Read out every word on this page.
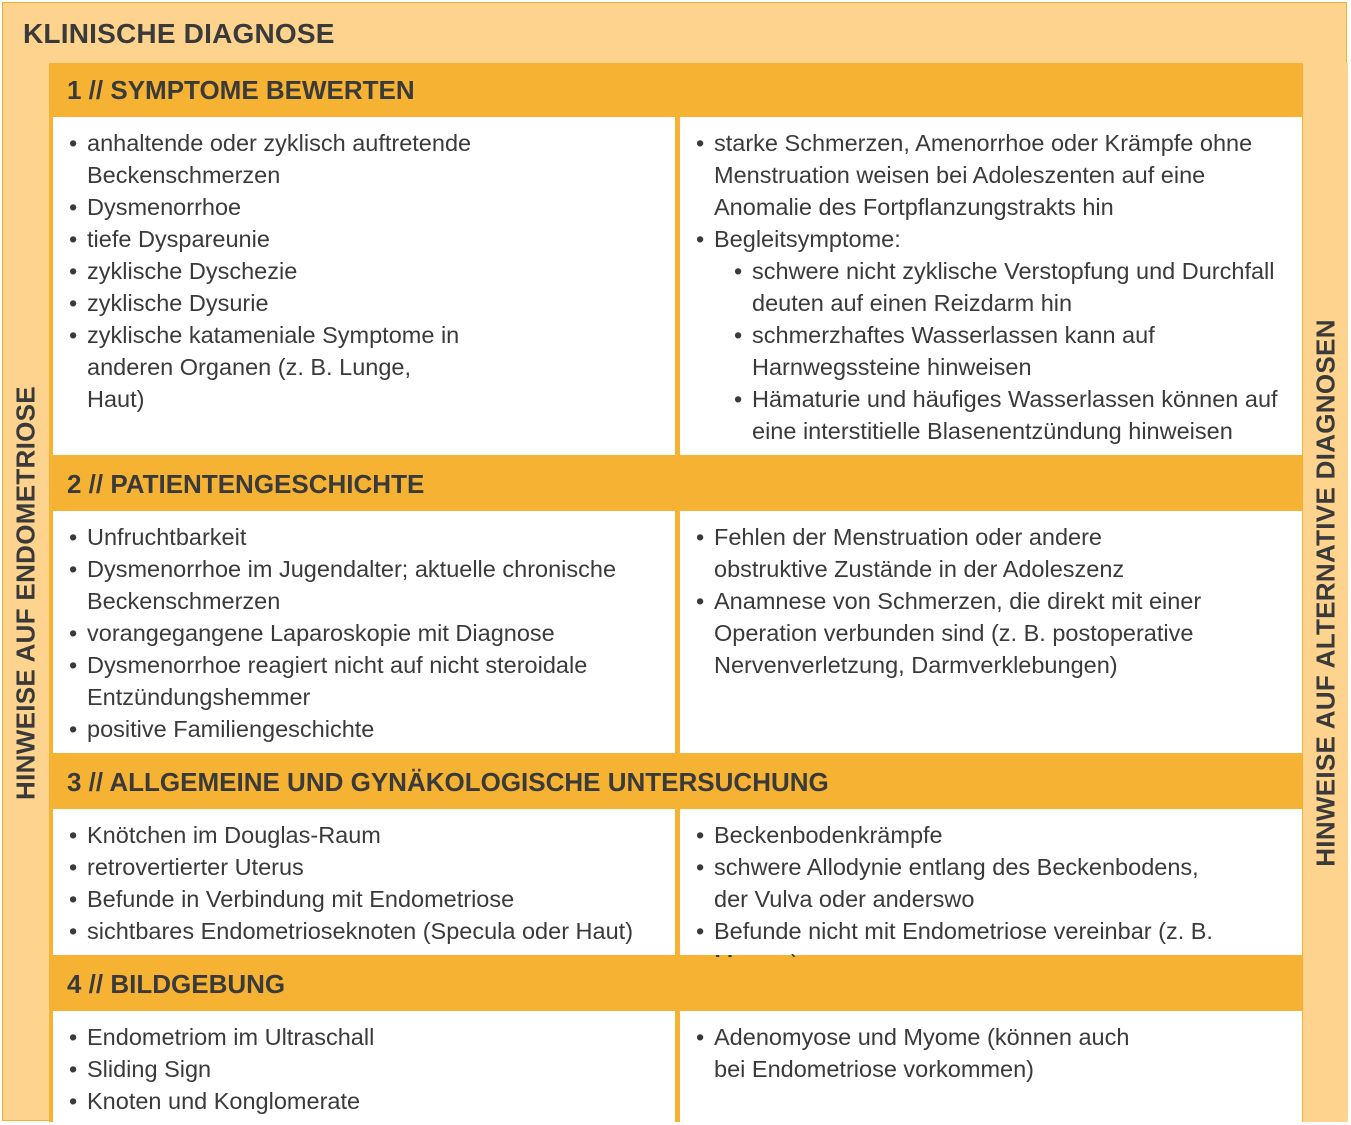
KLINISCHE DIAGNOSE
HINWEISE AUF ENDOMETRIOSE
1 // SYMPTOME BEWERTEN
• anhaltende oder zyklisch auftretende Beckenschmerzen
• Dysmenorrhoe
• tiefe Dyspareunie
• zyklische Dyschezie
• zyklische Dysurie
• zyklische katameniale Symptome in anderen Organen (z. B. Lunge, Haut)
• starke Schmerzen, Amenorrhoe oder Krämpfe ohne Menstruation weisen bei Adoleszenten auf eine Anomalie des Fortpflanzungstrakts hin
• Begleitsymptome:
• schwere nicht zyklische Verstopfung und Durchfall deuten auf einen Reizdarm hin
• schmerzhaftes Wasserlassen kann auf Harnwegssteine hinweisen
• Hämaturie und häufiges Wasserlassen können auf eine interstitielle Blasenentzündung hinweisen
2 // PATIENTENGESCHICHTE
• Unfruchtbarkeit
• Dysmenorrhoe im Jugendalter; aktuelle chronische Beckenschmerzen
• vorangegangene Laparoskopie mit Diagnose
• Dysmenorrhoe reagiert nicht auf nicht steroidale Entzündungshemmer
• positive Familiengeschichte
• Fehlen der Menstruation oder andere obstruktive Zustände in der Adoleszenz
• Anamnese von Schmerzen, die direkt mit einer Operation verbunden sind (z. B. postoperative Nervenverletzung, Darmverklebungen)
3 // ALLGEMEINE UND GYNÄKOLOGISCHE UNTERSUCHUNG
• Knötchen im Douglas-Raum
• retrovertierter Uterus
• Befunde in Verbindung mit Endometriose
• sichtbares Endometrioseknoten (Specula oder Haut)
• Beckenbodenkrämpfe
• schwere Allodynie entlang des Beckenbodens, der Vulva oder anderswo
• Befunde nicht mit Endometriose vereinbar (z. B.
4 // BILDGEBUNG
• Endometriom im Ultraschall
• Sliding Sign
• Knoten und Konglomerate
• Adenomyose und Myome (können auch bei Endometriose vorkommen)
HINWEISE AUF ALTERNATIVE DIAGNOSEN
